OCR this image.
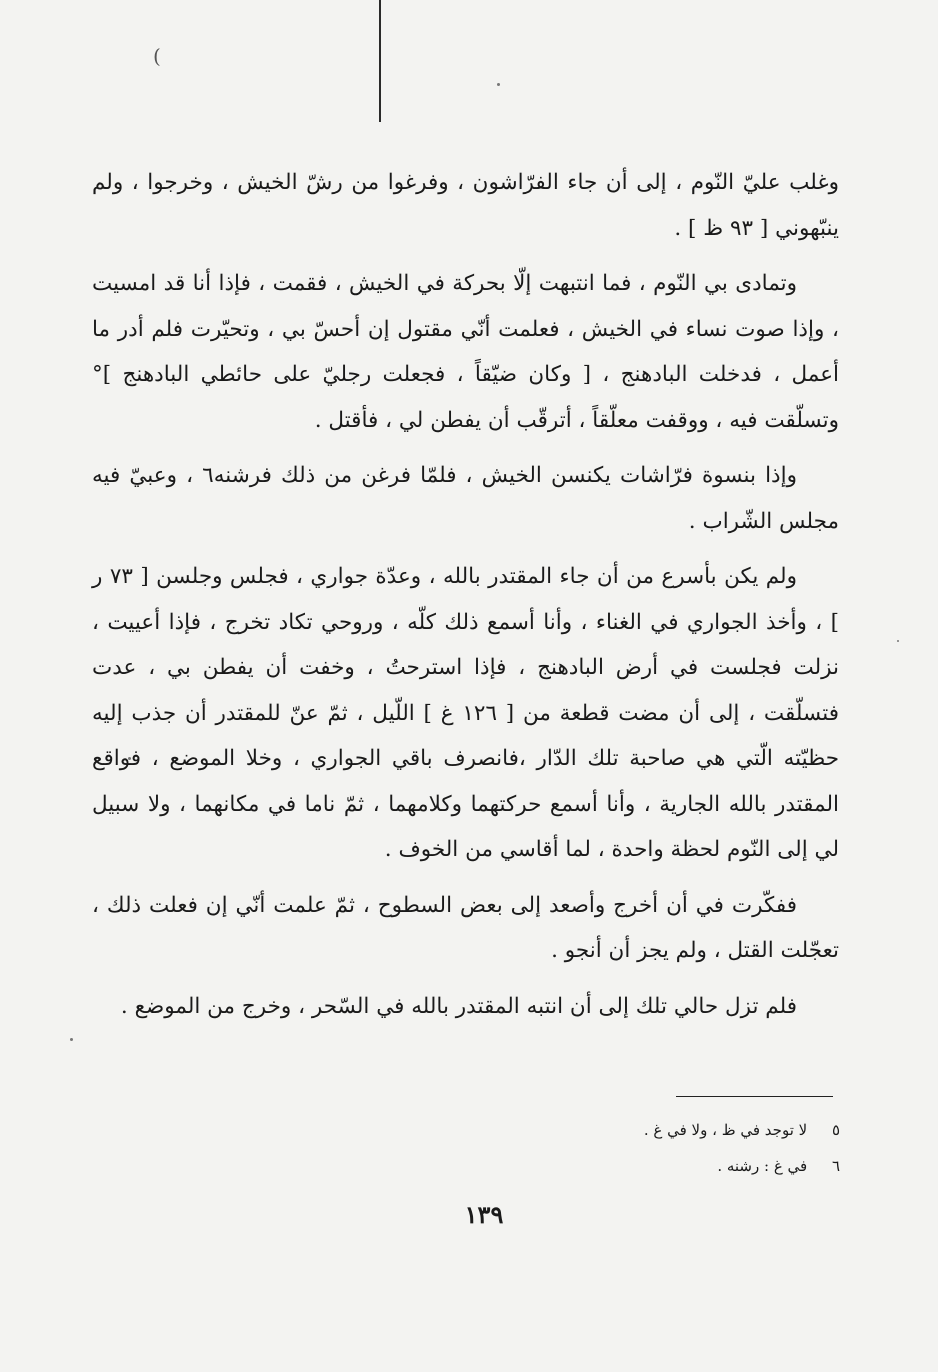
)

وغلب عليّ النّوم ، إلى أن جاء الفرّاشون ، وفرغوا من رشّ الخيش ، وخرجوا ، ولم ينبّهوني [ ٩٣ ظ ] .

وتمادى بي النّوم ، فما انتبهت إلّا بحركة في الخيش ، فقمت ، فإذا أنا قد امسيت ، وإذا صوت نساء في الخيش ، فعلمت أنّي مقتول إن أحسّ بي ، وتحيّرت فلم أدر ما أعمل ، فدخلت البادهنج ، [ وكان ضيّقاً ، فجعلت رجليّ على حائطي البادهنج ]° وتسلّقت فيه ، ووقفت معلّقاً ، أترقّب أن يفطن لي ، فأقتل .

وإذا بنسوة فرّاشات يكنسن الخيش ، فلمّا فرغن من ذلك فرشنه٦ ، وعبيّ فيه مجلس الشّراب .

ولم يكن بأسرع من أن جاء المقتدر بالله ، وعدّة جواري ، فجلس وجلسن [ ٧٣ ر ] ، وأخذ الجواري في الغناء ، وأنا أسمع ذلك كلّه ، وروحي تكاد تخرج ، فإذا أعييت ، نزلت فجلست في أرض البادهنج ، فإذا استرحتُ ، وخفت أن يفطن بي ، عدت فتسلّقت ، إلى أن مضت قطعة من [ ١٢٦ غ ] اللّيل ، ثمّ عنّ للمقتدر أن جذب إليه حظيّته الّتي هي صاحبة تلك الدّار ،فانصرف باقي الجواري ، وخلا الموضع ، فواقع المقتدر بالله الجارية ، وأنا أسمع حركتهما وكلامهما ، ثمّ ناما في مكانهما ، ولا سبيل لي إلى النّوم لحظة واحدة ، لما أقاسي من الخوف .

ففكّرت في أن أخرج وأصعد إلى بعض السطوح ، ثمّ علمت أنّي إن فعلت ذلك ، تعجّلت القتل ، ولم يجز أن أنجو .

فلم تزل حالي تلك إلى أن انتبه المقتدر بالله في السّحر ، وخرج من الموضع .

٥ لا توجد في ظ ، ولا في غ .

٦ في غ : رشنه .

١٣٩
